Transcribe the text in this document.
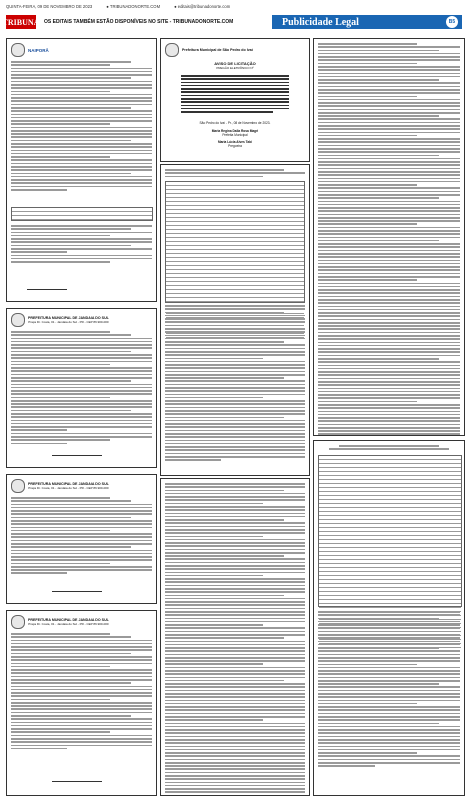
QUINTA-FEIRA, 09 DE NOVEMBRO DE 2023	● TRIBUNADONORTE.COM	● editais@tribunadonorte.com
TRIBUNA OS EDITAIS TAMBÉM ESTÃO DISPONÍVEIS NO SITE - TRIBUNADONORTE.COM	Publicidade Legal	B5
DO NORTE
NAIPORÃ
PREFEITURA MUNICIPAL DE JANDAIA DO SUL
Praça Dr. Costa, 01 - Jandaia do Sul - PR - CEP 86.900-000
PREFEITURA MUNICIPAL DE JANDAIA DO SUL
Praça Dr. Costa, 01 - Jandaia do Sul - PR - CEP 86.900-000
PREFEITURA MUNICIPAL DE JANDAIA DO SUL
Praça Dr. Costa, 01 - Jandaia do Sul - PR - CEP 86.900-000
Prefeitura Municipal de São Pedro do Ivaí
AVISO DE LICITAÇÃO
PREGÃO ELETRÔNICO Nº
São Pedro do Ivaí - Pr., 08 de Novembro de 2023.
Maria Regina Dalla Rosa Magri
Prefeita Municipal
Maria Lúcia Alves Tabi
Pregoeira
